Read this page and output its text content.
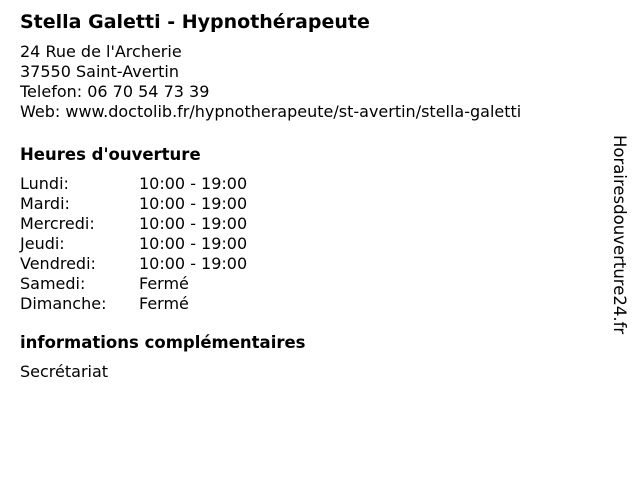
Stella Galetti - Hypnothérapeute
24 Rue de l'Archerie
37550 Saint-Avertin
Telefon: 06 70 54 73 39
Web: www.doctolib.fr/hypnotherapeute/st-avertin/stella-galetti
Heures d'ouverture
Lundi:	10:00 - 19:00
Mardi:	10:00 - 19:00
Mercredi:	10:00 - 19:00
Jeudi:	10:00 - 19:00
Vendredi:	10:00 - 19:00
Samedi:	Fermé
Dimanche:	Fermé
informations complémentaires
Secrétariat
Horairesdouverture24.fr
